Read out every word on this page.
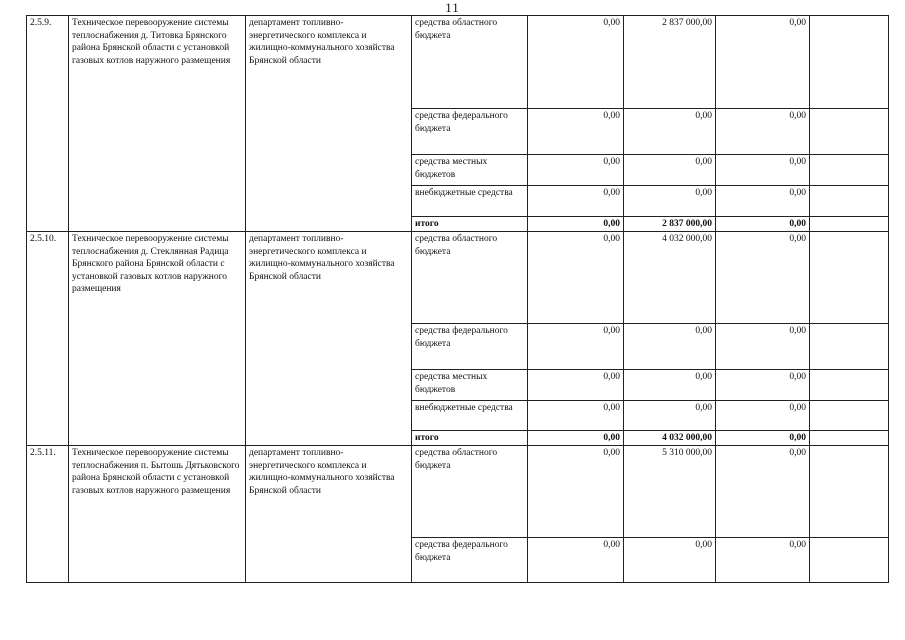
11
2.5.9.	Техническое перевооружение системы теплоснабжения д. Титовка Брянского района Брянской области с установкой газовых котлов наружного размещения	департамент топливно-энергетического комплекса и жилищно-коммунального хозяйства Брянской области	средства областного бюджета	0,00	2 837 000,00	0,00	
			средства федерального бюджета	0,00	0,00	0,00	
			средства местных бюджетов	0,00	0,00	0,00	
			внебюджетные средства	0,00	0,00	0,00	
			итого	0,00	2 837 000,00	0,00	
2.5.10.	Техническое перевооружение системы теплоснабжения д. Стеклянная Радица Брянского района Брянской области с установкой газовых котлов наружного размещения	департамент топливно-энергетического комплекса и жилищно-коммунального хозяйства Брянской области	средства областного бюджета	0,00	4 032 000,00	0,00	
			средства федерального бюджета	0,00	0,00	0,00	
			средства местных бюджетов	0,00	0,00	0,00	
			внебюджетные средства	0,00	0,00	0,00	
			итого	0,00	4 032 000,00	0,00	
2.5.11.	Техническое перевооружение системы теплоснабжения п. Бытошь Дятьковского района Брянской области с установкой газовых котлов наружного размещения	департамент топливно-энергетического комплекса и жилищно-коммунального хозяйства Брянской области	средства областного бюджета	0,00	5 310 000,00	0,00	
			средства федерального бюджета	0,00	0,00	0,00	
